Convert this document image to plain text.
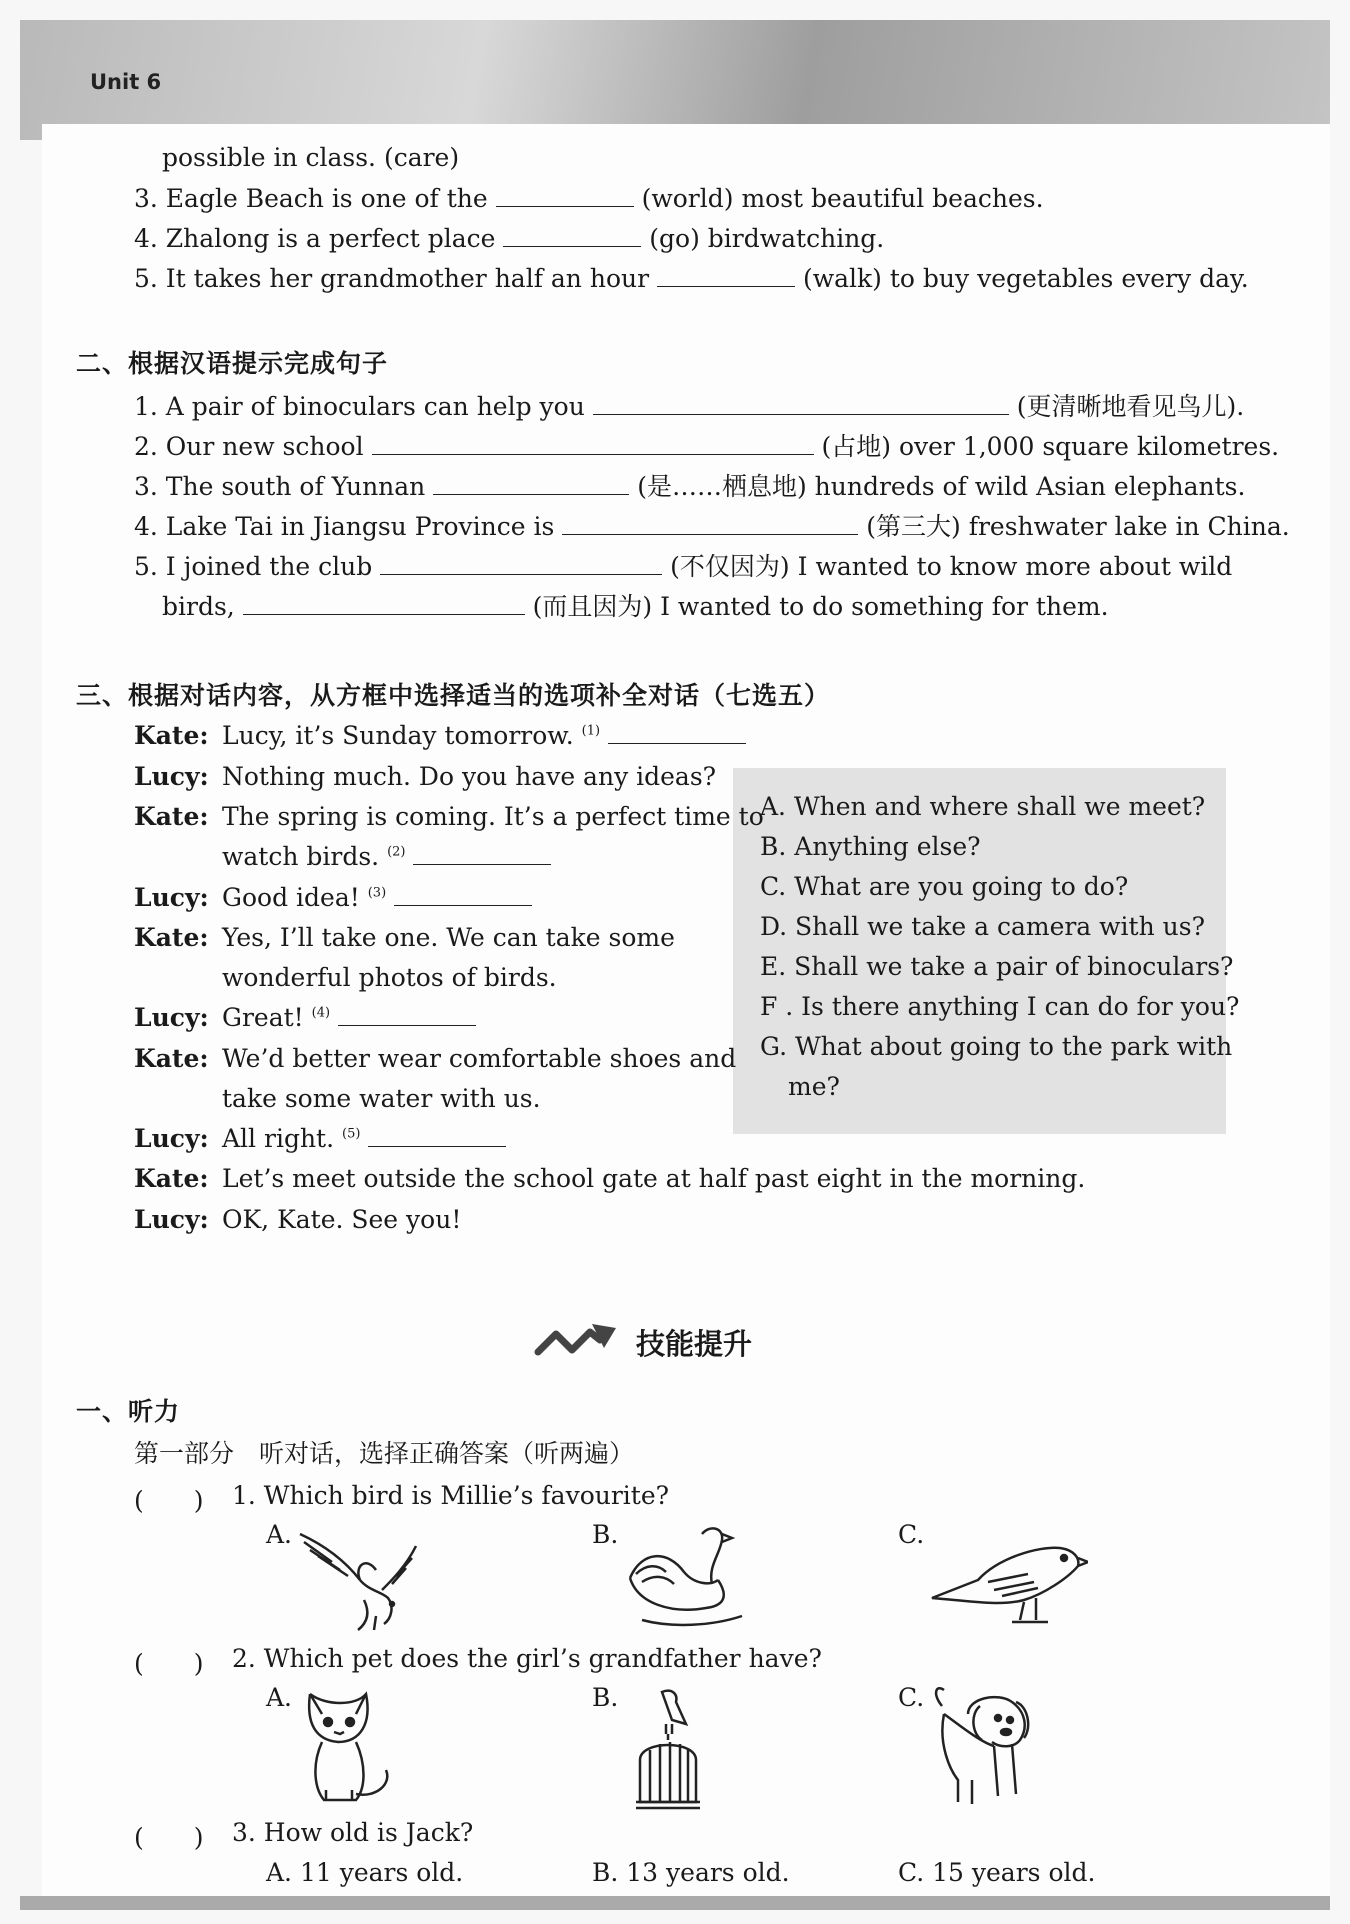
Unit 6
possible in class. (care)
3. Eagle Beach is one of the	(world) most beautiful beaches.
4. Zhalong is a perfect place	(go) birdwatching.
5. It takes her grandmother half an hour	(walk) to buy vegetables every day.
二、根据汉语提示完成句子
1. A pair of binoculars can help you	(更清晰地看见鸟儿).
2. Our new school	(占地) over 1,000 square kilometres.
3. The south of Yunnan	(是……栖息地) hundreds of wild Asian elephants.
4. Lake Tai in Jiangsu Province is	(第三大) freshwater lake in China.
5. I joined the club	(不仅因为) I wanted to know more about wild
birds,	(而且因为) I wanted to do something for them.
三、根据对话内容，从方框中选择适当的选项补全对话（七选五）
Kate: Lucy, it’s Sunday tomorrow. $^{(1)}$
Lucy: Nothing much. Do you have any ideas?
Kate: The spring is coming. It’s a perfect time to
watch birds. $^{(2)}$
Lucy: Good idea! $^{(3)}$
Kate: Yes, I’ll take one. We can take some
wonderful photos of birds.
Lucy: Great! $^{(4)}$
Kate: We’d better wear comfortable shoes and
take some water with us.
Lucy: All right. $^{(5)}$
Kate: Let’s meet outside the school gate at half past eight in the morning.
Lucy: OK, Kate. See you!
A. When and where shall we meet?
B. Anything else?
C. What are you going to do?
D. Shall we take a camera with us?
E. Shall we take a pair of binoculars?
F . Is there anything I can do for you?
G. What about going to the park with
me?
技能提升
一、听力
第一部分　听对话，选择正确答案（听两遍）
(　　) 1. Which bird is Millie’s favourite?
A.	B.	C.
(　　) 2. Which pet does the girl’s grandfather have?
A.	B.	C.
(　　) 3. How old is Jack?
A. 11 years old.	B. 13 years old.	C. 15 years old.
